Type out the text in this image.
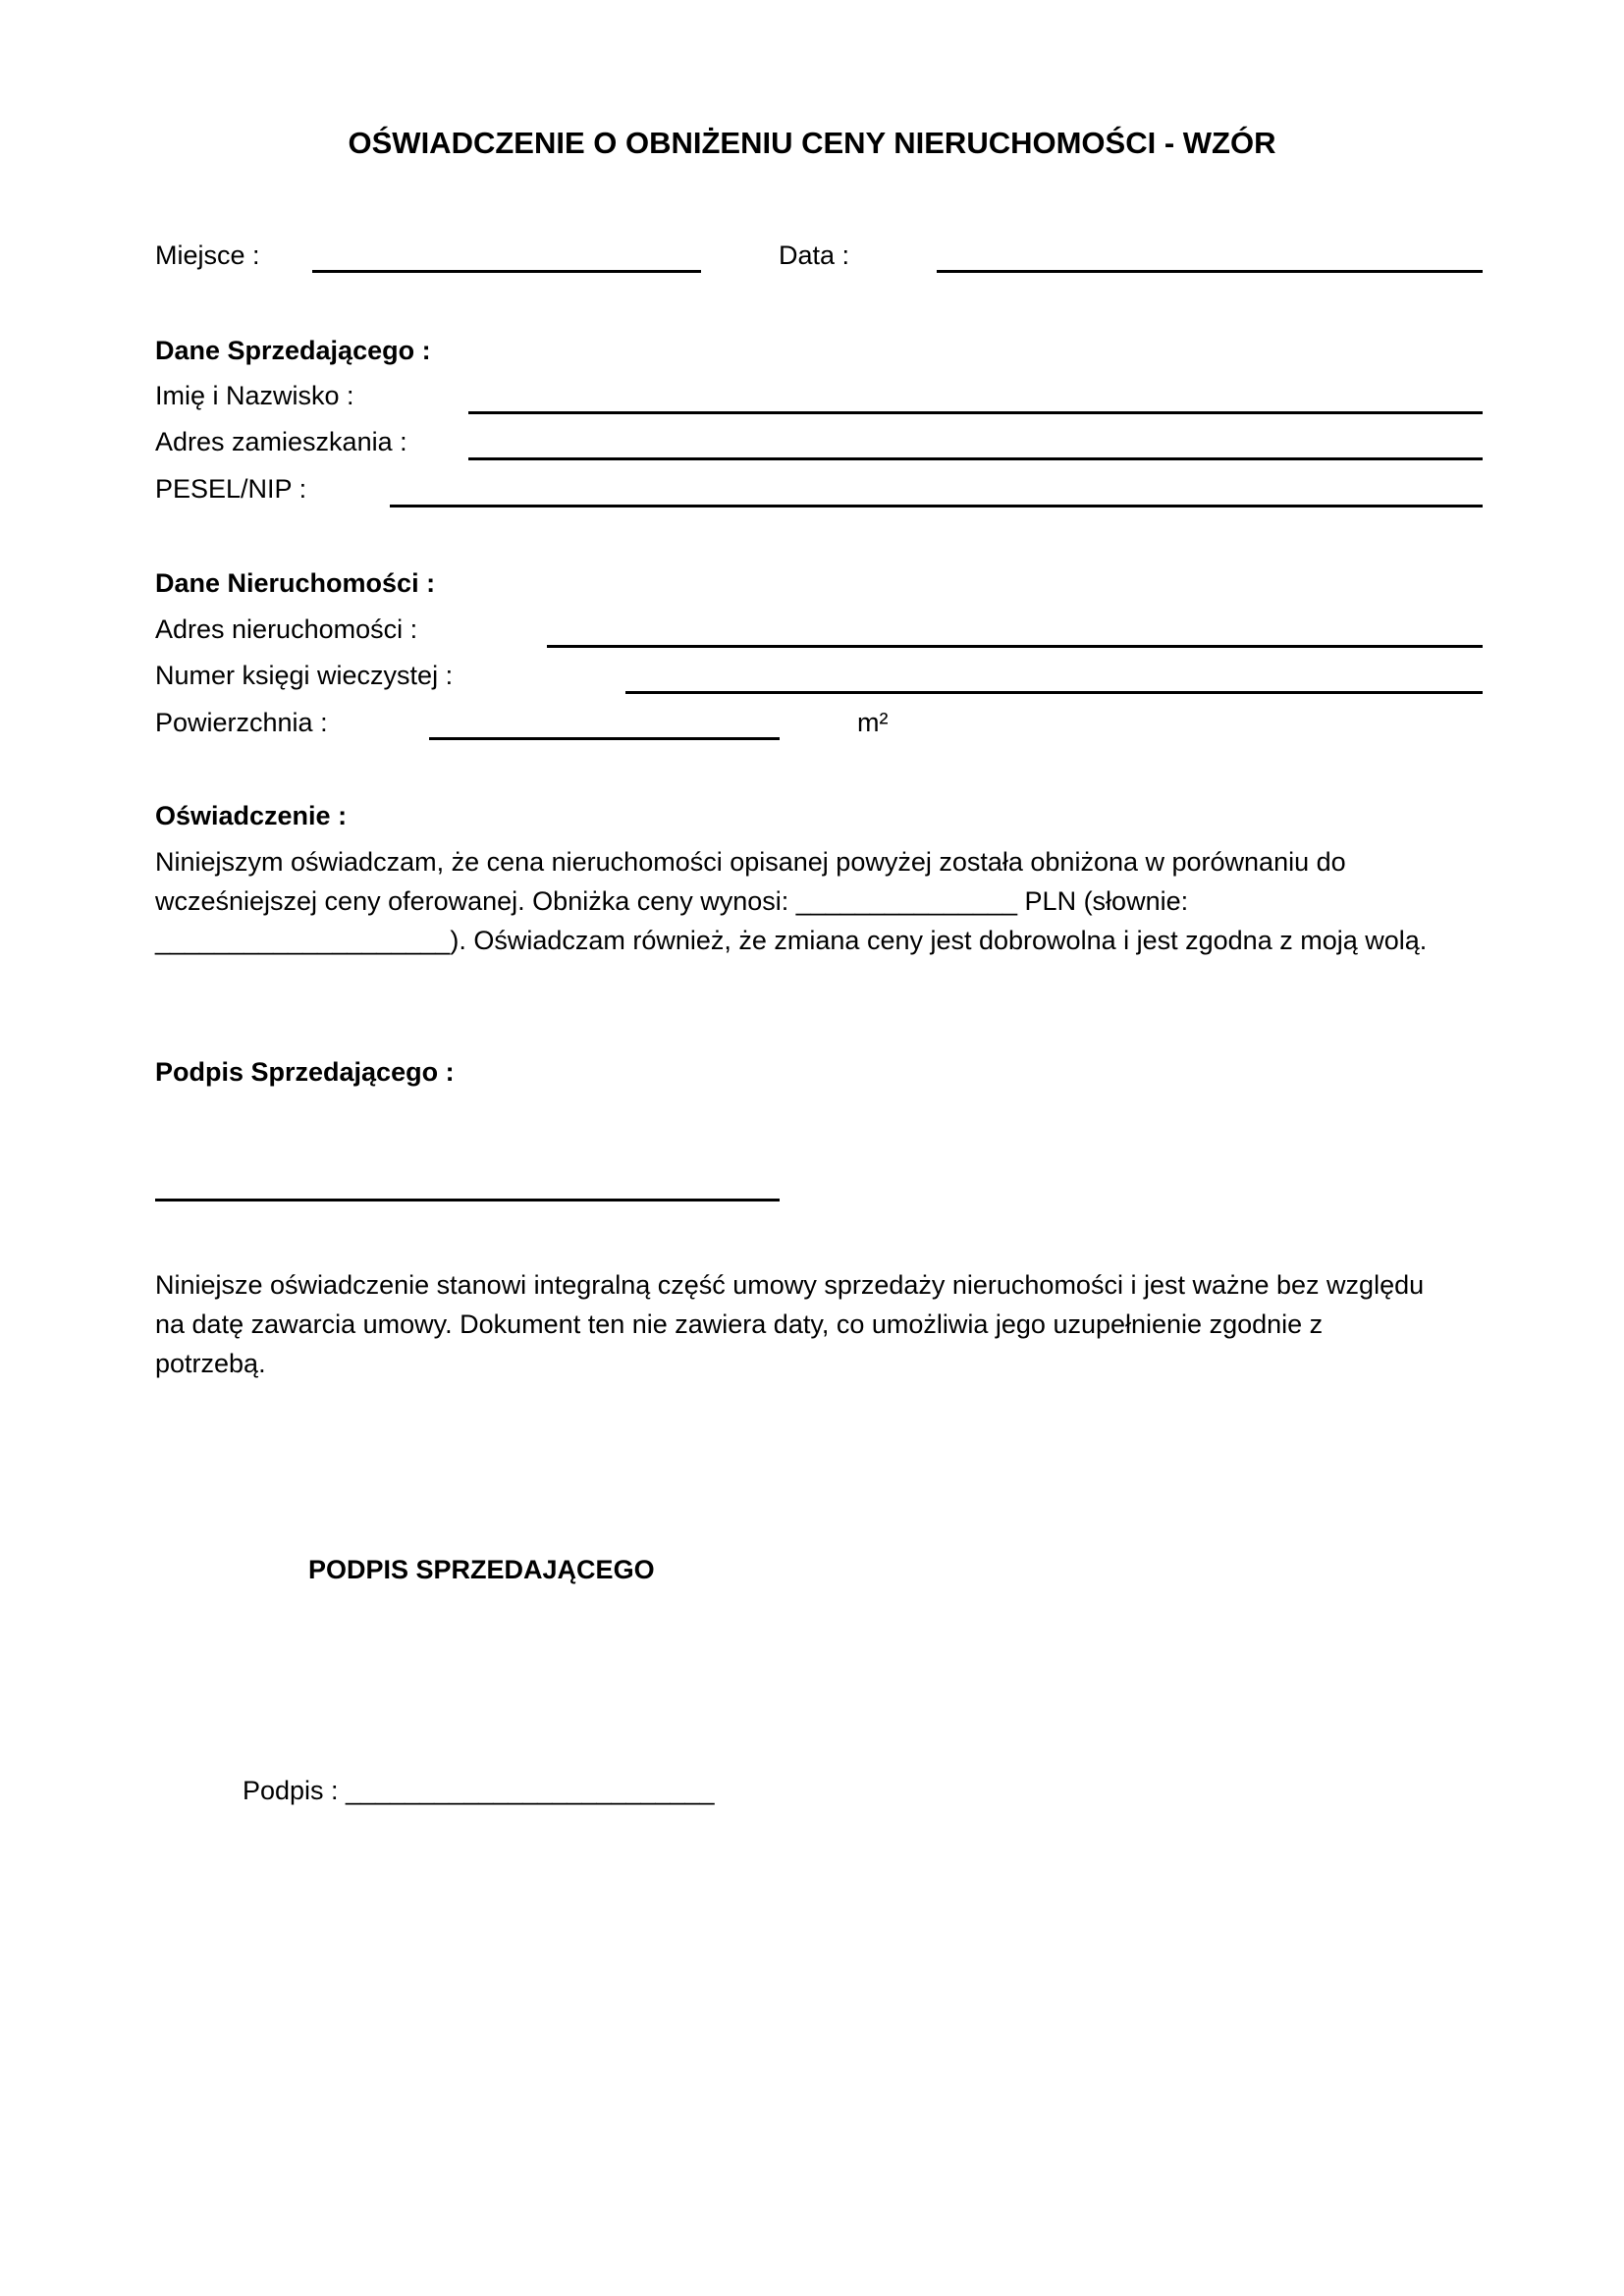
OŚWIADCZENIE O OBNIŻENIU CENY NIERUCHOMOŚCI - WZÓR
Miejsce :	Data :
Dane Sprzedającego :
Imię i Nazwisko :
Adres zamieszkania :
PESEL/NIP :
Dane Nieruchomości :
Adres nieruchomości :
Numer księgi wieczystej :
Powierzchnia :	m²
Oświadczenie :
Niniejszym oświadczam, że cena nieruchomości opisanej powyżej została obniżona w porównaniu do
wcześniejszej ceny oferowanej. Obniżka ceny wynosi: _______________ PLN (słownie:
____________________). Oświadczam również, że zmiana ceny jest dobrowolna i jest zgodna z moją wolą.
Podpis Sprzedającego :
Niniejsze oświadczenie stanowi integralną część umowy sprzedaży nieruchomości i jest ważne bez względu
na datę zawarcia umowy. Dokument ten nie zawiera daty, co umożliwia jego uzupełnienie zgodnie z
potrzebą.
PODPIS SPRZEDAJĄCEGO
Podpis : _________________________
